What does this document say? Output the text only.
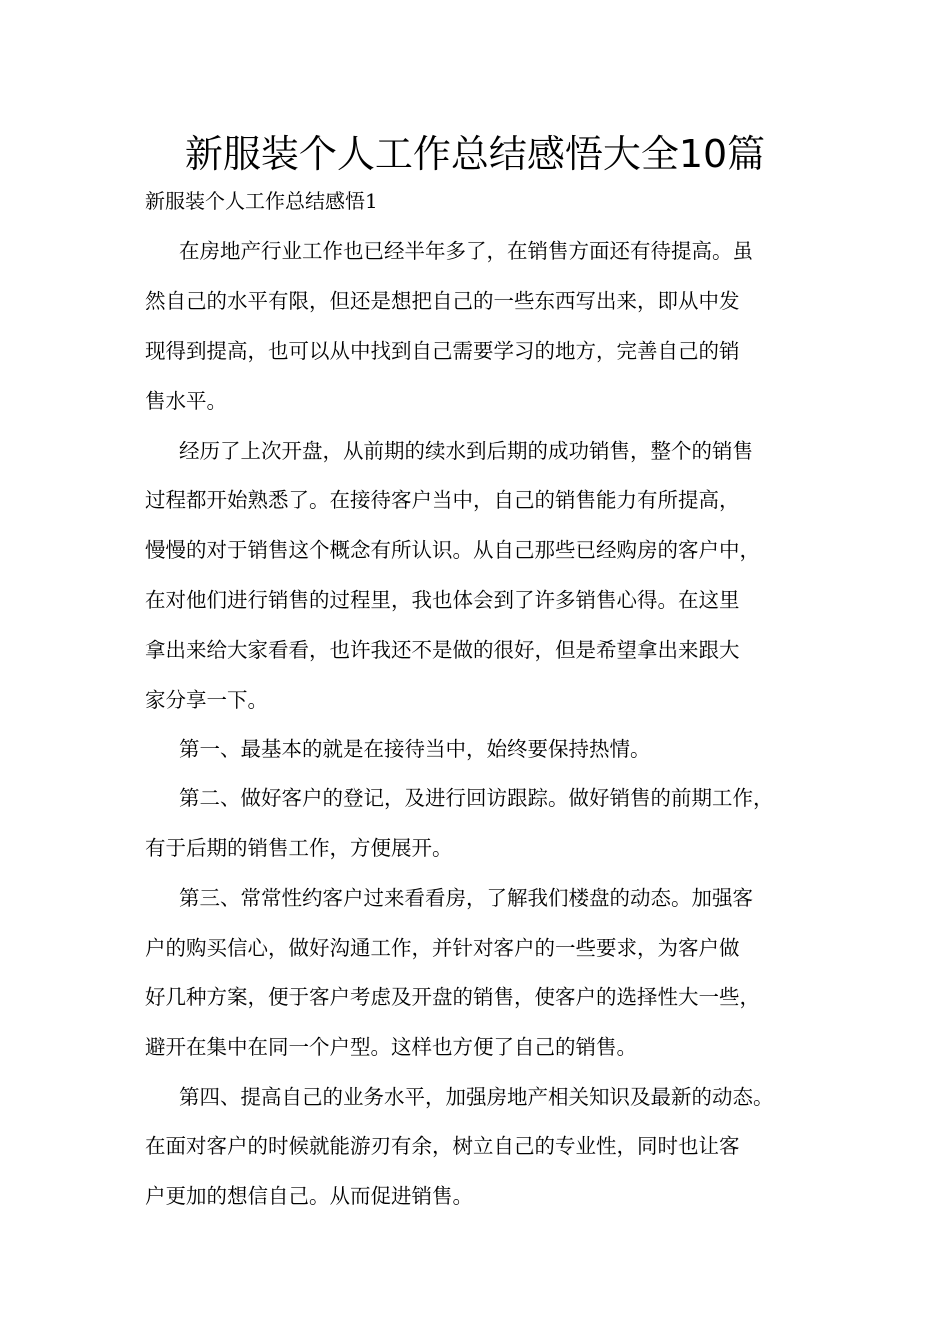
新服装个人工作总结感悟大全10篇

新服装个人工作总结感悟1

在房地产行业工作也已经半年多了，在销售方面还有待提高。虽

然自己的水平有限，但还是想把自己的一些东西写出来，即从中发

现得到提高，也可以从中找到自己需要学习的地方，完善自己的销

售水平。

经历了上次开盘，从前期的续水到后期的成功销售，整个的销售

过程都开始熟悉了。在接待客户当中，自己的销售能力有所提高，

慢慢的对于销售这个概念有所认识。从自己那些已经购房的客户中，

在对他们进行销售的过程里，我也体会到了许多销售心得。在这里

拿出来给大家看看，也许我还不是做的很好，但是希望拿出来跟大

家分享一下。

第一、最基本的就是在接待当中，始终要保持热情。

第二、做好客户的登记，及进行回访跟踪。做好销售的前期工作，

有于后期的销售工作，方便展开。

第三、常常性约客户过来看看房，了解我们楼盘的动态。加强客

户的购买信心，做好沟通工作，并针对客户的一些要求，为客户做

好几种方案，便于客户考虑及开盘的销售，使客户的选择性大一些，

避开在集中在同一个户型。这样也方便了自己的销售。

第四、提高自己的业务水平，加强房地产相关知识及最新的动态。

在面对客户的时候就能游刃有余，树立自己的专业性，同时也让客

户更加的想信自己。从而促进销售。
